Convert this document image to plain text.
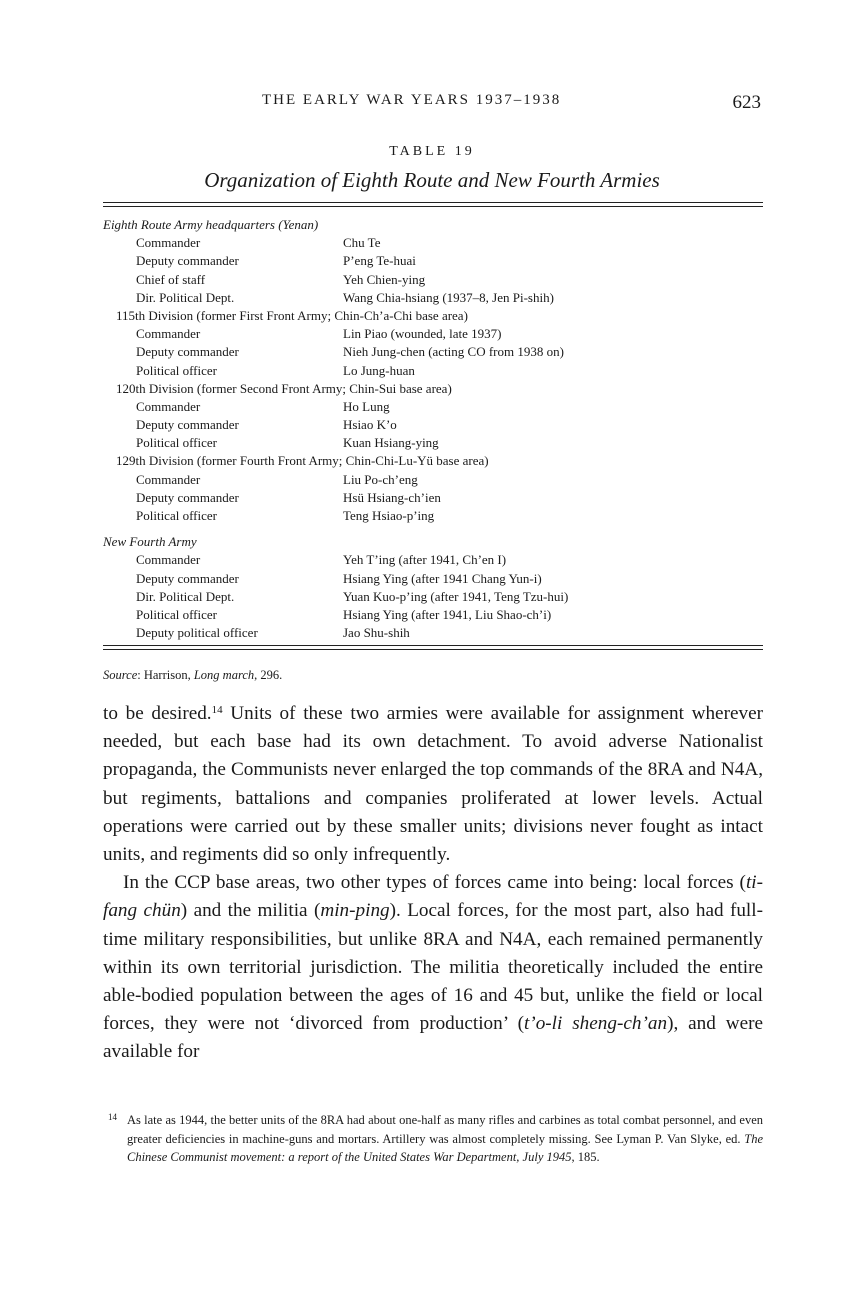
THE EARLY WAR YEARS 1937–1938	623
TABLE 19
Organization of Eighth Route and New Fourth Armies
Eighth Route Army headquarters (Yenan)
Commander	Chu Te
Deputy commander	P’eng Te-huai
Chief of staff	Yeh Chien-ying
Dir. Political Dept.	Wang Chia-hsiang (1937–8, Jen Pi-shih)
115th Division (former First Front Army; Chin-Ch’a-Chi base area)
Commander	Lin Piao (wounded, late 1937)
Deputy commander	Nieh Jung-chen (acting CO from 1938 on)
Political officer	Lo Jung-huan
120th Division (former Second Front Army; Chin-Sui base area)
Commander	Ho Lung
Deputy commander	Hsiao K’o
Political officer	Kuan Hsiang-ying
129th Division (former Fourth Front Army; Chin-Chi-Lu-Yü base area)
Commander	Liu Po-ch’eng
Deputy commander	Hsü Hsiang-ch’ien
Political officer	Teng Hsiao-p’ing
New Fourth Army
Commander	Yeh T’ing (after 1941, Ch’en I)
Deputy commander	Hsiang Ying (after 1941 Chang Yun-i)
Dir. Political Dept.	Yuan Kuo-p’ing (after 1941, Teng Tzu-hui)
Political officer	Hsiang Ying (after 1941, Liu Shao-ch’i)
Deputy political officer	Jao Shu-shih
Source: Harrison, Long march, 296.

to be desired.$^{14}$ Units of these two armies were available for assignment wherever needed, but each base had its own detachment. To avoid adverse Nationalist propaganda, the Communists never enlarged the top commands of the 8RA and N4A, but regiments, battalions and companies proliferated at lower levels. Actual operations were carried out by these smaller units; divisions never fought as intact units, and regiments did so only infrequently.

In the CCP base areas, two other types of forces came into being: local forces (ti-fang chün) and the militia (min-ping). Local forces, for the most part, also had full-time military responsibilities, but unlike 8RA and N4A, each remained permanently within its own territorial jurisdiction. The militia theoretically included the entire able-bodied population between the ages of 16 and 45 but, unlike the field or local forces, they were not ‘divorced from production’ (t’o-li sheng-ch’an), and were available for

14 As late as 1944, the better units of the 8RA had about one-half as many rifles and carbines as total combat personnel, and even greater deficiencies in machine-guns and mortars. Artillery was almost completely missing. See Lyman P. Van Slyke, ed. The Chinese Communist movement: a report of the United States War Department, July 1945, 185.
